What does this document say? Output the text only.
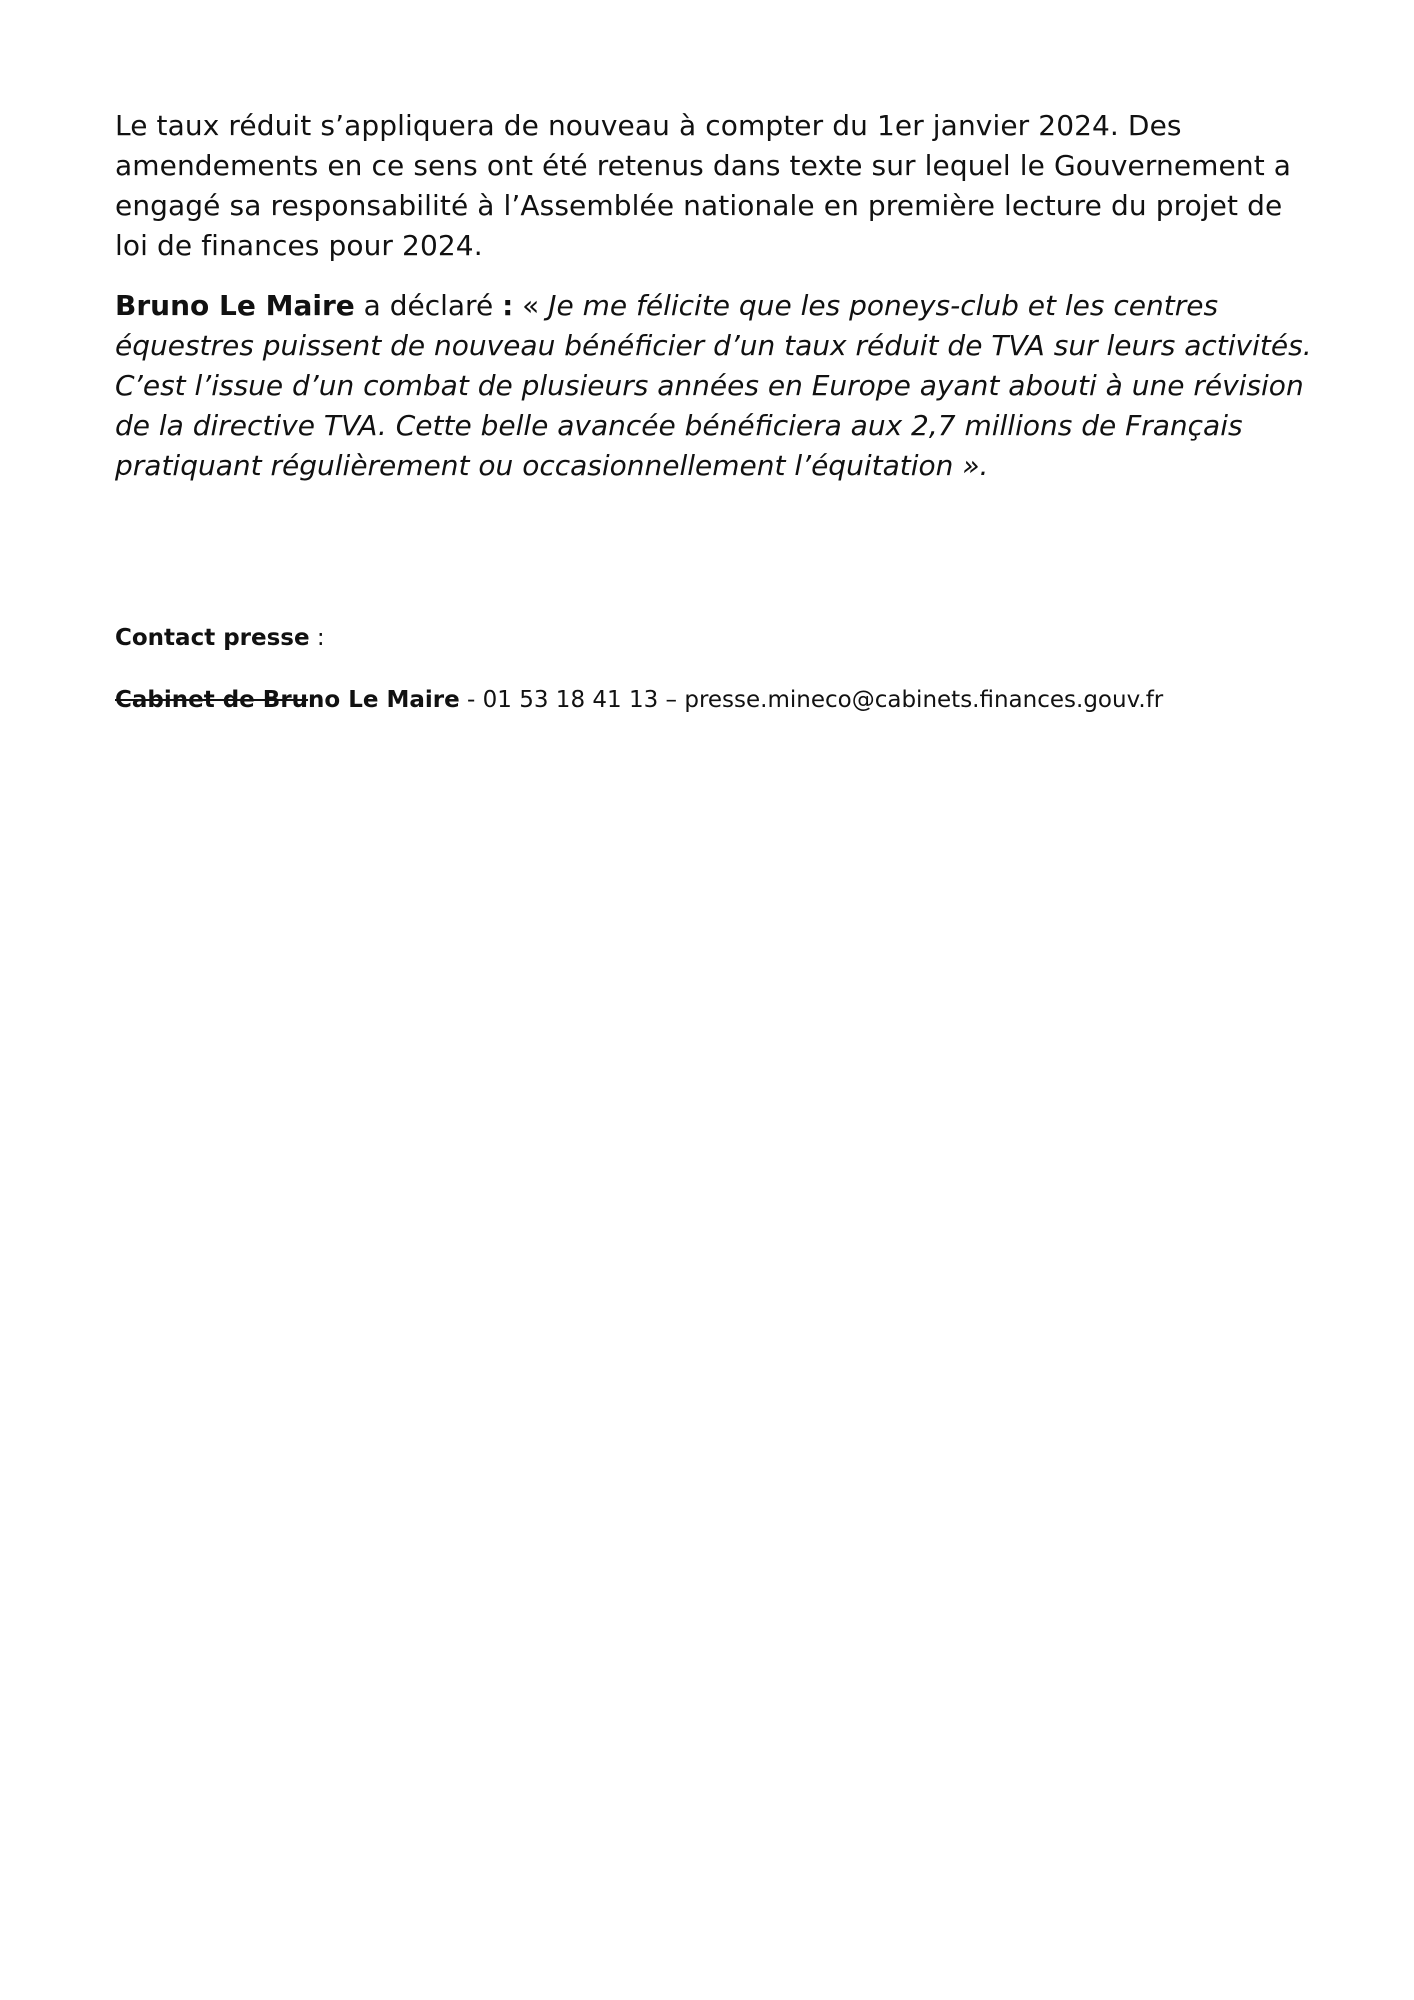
Le taux réduit s’appliquera de nouveau à compter du 1er janvier 2024. Des amendements en ce sens ont été retenus dans texte sur lequel le Gouvernement a engagé sa responsabilité à l’Assemblée nationale en première lecture du projet de loi de finances pour 2024.

Bruno Le Maire a déclaré : « Je me félicite que les poneys-club et les centres équestres puissent de nouveau bénéficier d’un taux réduit de TVA sur leurs activités. C’est l’issue d’un combat de plusieurs années en Europe ayant abouti à une révision de la directive TVA. Cette belle avancée bénéficiera aux 2,7 millions de Français pratiquant régulièrement ou occasionnellement l’équitation ».

Contact presse :

Cabinet de Bruno Le Maire - 01 53 18 41 13 – presse.mineco@cabinets.finances.gouv.fr
